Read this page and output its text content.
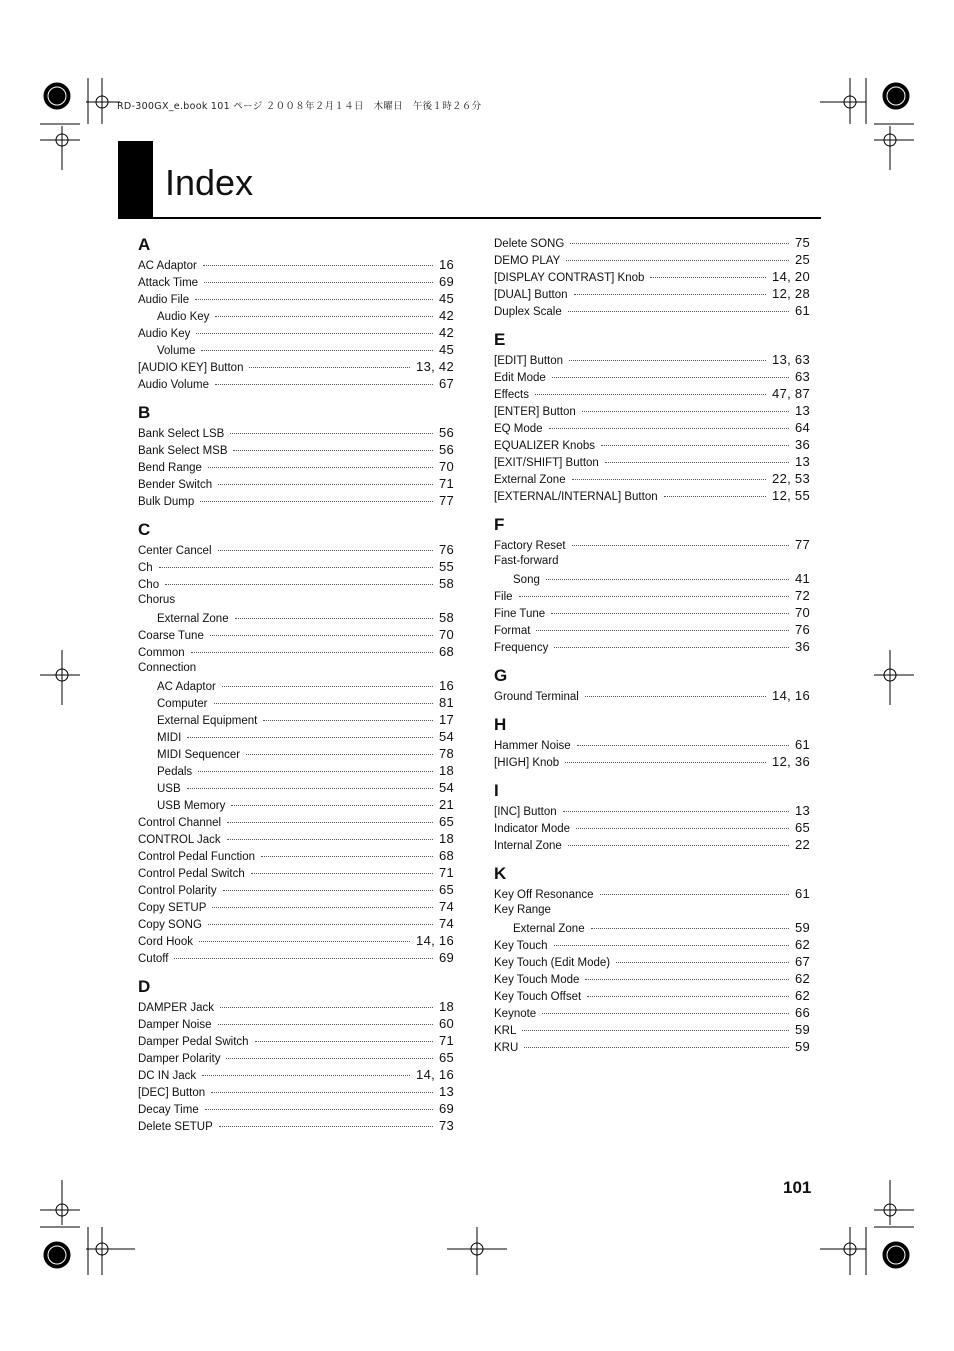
RD-300GX_e.book 101 ページ ２００８年２月１４日　木曜日　午後１時２６分
Index
A
AC Adaptor	16
Attack Time	69
Audio File	45
Audio Key	42
Audio Key	42
Volume	45
[AUDIO KEY] Button	13, 42
Audio Volume	67
B
Bank Select LSB	56
Bank Select MSB	56
Bend Range	70
Bender Switch	71
Bulk Dump	77
C
Center Cancel	76
Ch	55
Cho	58
Chorus
External Zone	58
Coarse Tune	70
Common	68
Connection
AC Adaptor	16
Computer	81
External Equipment	17
MIDI	54
MIDI Sequencer	78
Pedals	18
USB	54
USB Memory	21
Control Channel	65
CONTROL Jack	18
Control Pedal Function	68
Control Pedal Switch	71
Control Polarity	65
Copy SETUP	74
Copy SONG	74
Cord Hook	14, 16
Cutoff	69
D
DAMPER Jack	18
Damper Noise	60
Damper Pedal Switch	71
Damper Polarity	65
DC IN Jack	14, 16
[DEC] Button	13
Decay Time	69
Delete SETUP	73
Delete SONG	75
DEMO PLAY	25
[DISPLAY CONTRAST] Knob	14, 20
[DUAL] Button	12, 28
Duplex Scale	61
E
[EDIT] Button	13, 63
Edit Mode	63
Effects	47, 87
[ENTER] Button	13
EQ Mode	64
EQUALIZER Knobs	36
[EXIT/SHIFT] Button	13
External Zone	22, 53
[EXTERNAL/INTERNAL] Button	12, 55
F
Factory Reset	77
Fast-forward
Song	41
File	72
Fine Tune	70
Format	76
Frequency	36
G
Ground Terminal	14, 16
H
Hammer Noise	61
[HIGH] Knob	12, 36
I
[INC] Button	13
Indicator Mode	65
Internal Zone	22
K
Key Off Resonance	61
Key Range
External Zone	59
Key Touch	62
Key Touch (Edit Mode)	67
Key Touch Mode	62
Key Touch Offset	62
Keynote	66
KRL	59
KRU	59
101
